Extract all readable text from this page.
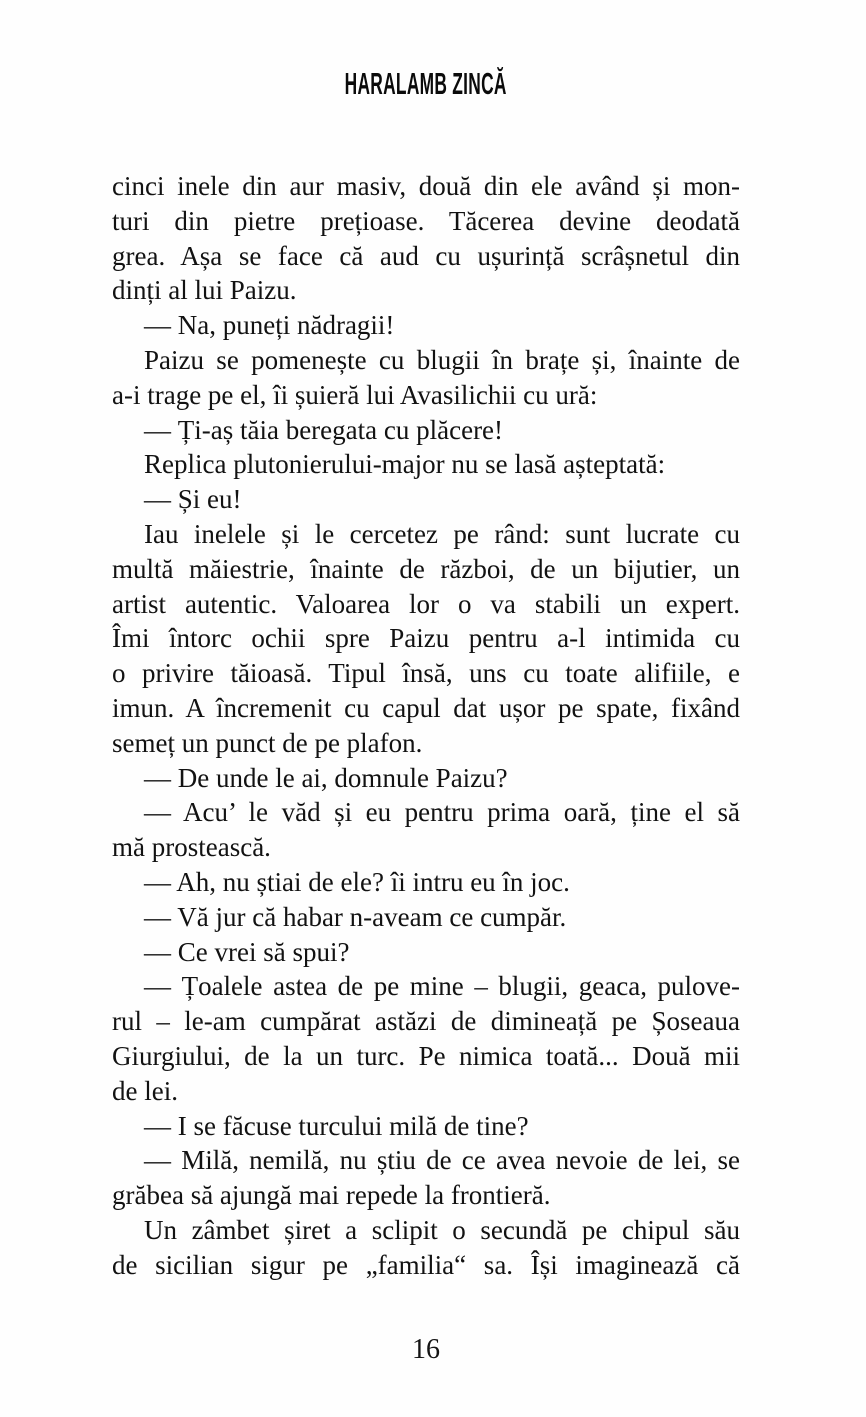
HARALAMB ZINCĂ
cinci inele din aur masiv, două din ele având și mon-
turi din pietre prețioase. Tăcerea devine deodată
grea. Așa se face că aud cu ușurință scrâșnetul din
dinți al lui Paizu.
— Na, puneți nădragii!
Paizu se pomenește cu blugii în brațe și, înainte de
a-i trage pe el, îi șuieră lui Avasilichii cu ură:
— Ți-aș tăia beregata cu plăcere!
Replica plutonierului-major nu se lasă așteptată:
— Și eu!
Iau inelele și le cercetez pe rând: sunt lucrate cu
multă măiestrie, înainte de război, de un bijutier, un
artist autentic. Valoarea lor o va stabili un expert.
Îmi întorc ochii spre Paizu pentru a-l intimida cu
o privire tăioasă. Tipul însă, uns cu toate alifiile, e
imun. A încremenit cu capul dat ușor pe spate, fixând
semeț un punct de pe plafon.
— De unde le ai, domnule Paizu?
— Acu’ le văd și eu pentru prima oară, ține el să
mă prostească.
— Ah, nu știai de ele? îi intru eu în joc.
— Vă jur că habar n-aveam ce cumpăr.
— Ce vrei să spui?
— Țoalele astea de pe mine – blugii, geaca, pulove-
rul – le-am cumpărat astăzi de dimineață pe Șoseaua
Giurgiului, de la un turc. Pe nimica toată... Două mii
de lei.
— I se făcuse turcului milă de tine?
— Milă, nemilă, nu știu de ce avea nevoie de lei, se
grăbea să ajungă mai repede la frontieră.
Un zâmbet șiret a sclipit o secundă pe chipul său
de sicilian sigur pe „familia“ sa. Își imaginează că
16
